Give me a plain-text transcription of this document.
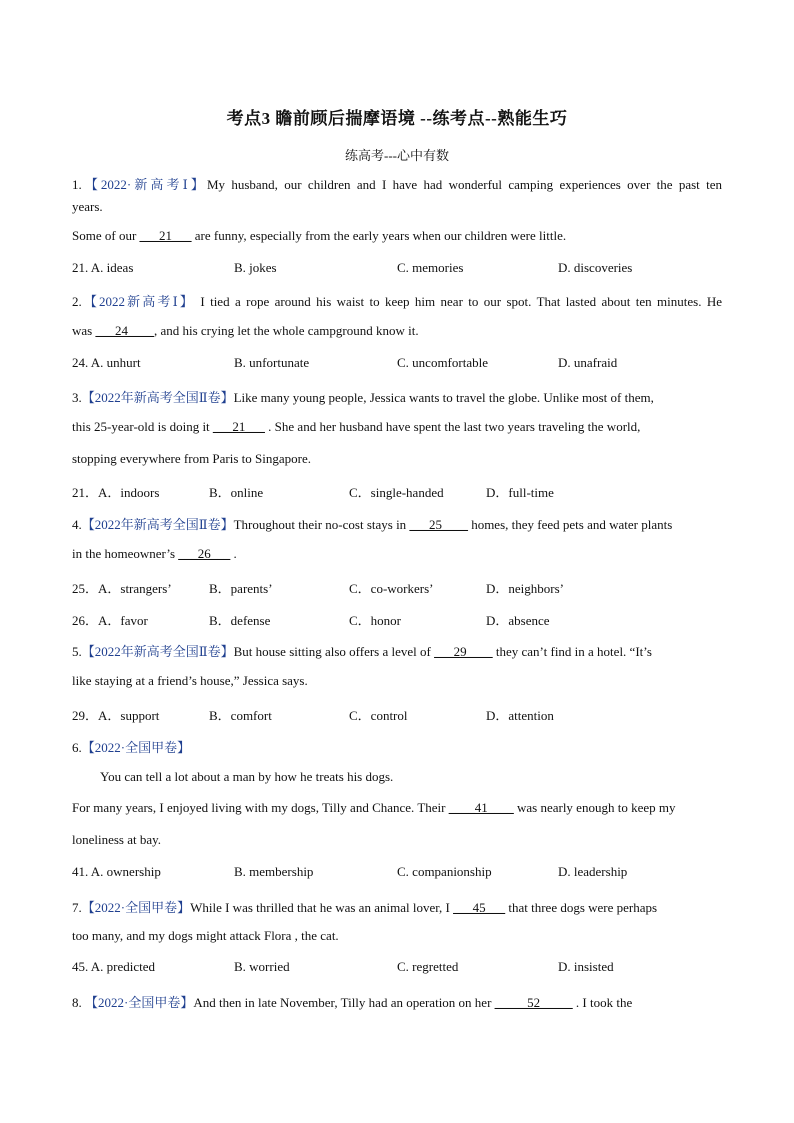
考点3 瞻前顾后揣摩语境 --练考点--熟能生巧
练高考---心中有数
1.【2022·新高考Ⅰ】My husband, our children and I have had wonderful camping experiences over the past ten
years.
Some of our ___21___ are funny, especially from the early years when our children were little.
21. A. ideas	B. jokes	C. memories	D. discoveries
2.【2022新高考Ⅰ】 I tied a rope around his waist to keep him near to our spot. That lasted about ten minutes. He
was ___24____, and his crying let the whole campground know it.
24. A. unhurt	B. unfortunate	C. uncomfortable	D. unafraid
3.【2022年新高考全国Ⅱ卷】Like many young people, Jessica wants to travel the globe. Unlike most of them,
this 25-year-old is doing it ___21___ . She and her husband have spent the last two years traveling the world,
stopping everywhere from Paris to Singapore.
21．A．indoors	B．online	C．single-handed	D．full-time
4.【2022年新高考全国Ⅱ卷】Throughout their no-cost stays in ___25____ homes, they feed pets and water plants
in the homeowner’s ___26___ .
25．A．strangers’	B．parents’	C．co-workers’	D．neighbors’
26．A．favor	B．defense	C．honor	D．absence
5.【2022年新高考全国Ⅱ卷】But house sitting also offers a level of ___29____ they can’t find in a hotel. “It’s
like staying at a friend’s house,” Jessica says.
29．A．support	B．comfort	C．control	D．attention
6.【2022·全国甲卷】
You can tell a lot about a man by how he treats his dogs.
For many years, I enjoyed living with my dogs, Tilly and Chance. Their ____41____ was nearly enough to keep my
loneliness at bay.
41. A. ownership	B. membership	C. companionship	D. leadership
7.【2022·全国甲卷】While I was thrilled that he was an animal lover, I ___45___ that three dogs were perhaps
too many, and my dogs might attack Flora , the cat.
45. A. predicted	B. worried	C. regretted	D. insisted
8. 【2022·全国甲卷】And then in late November, Tilly had an operation on her _____52_____ . I took the
